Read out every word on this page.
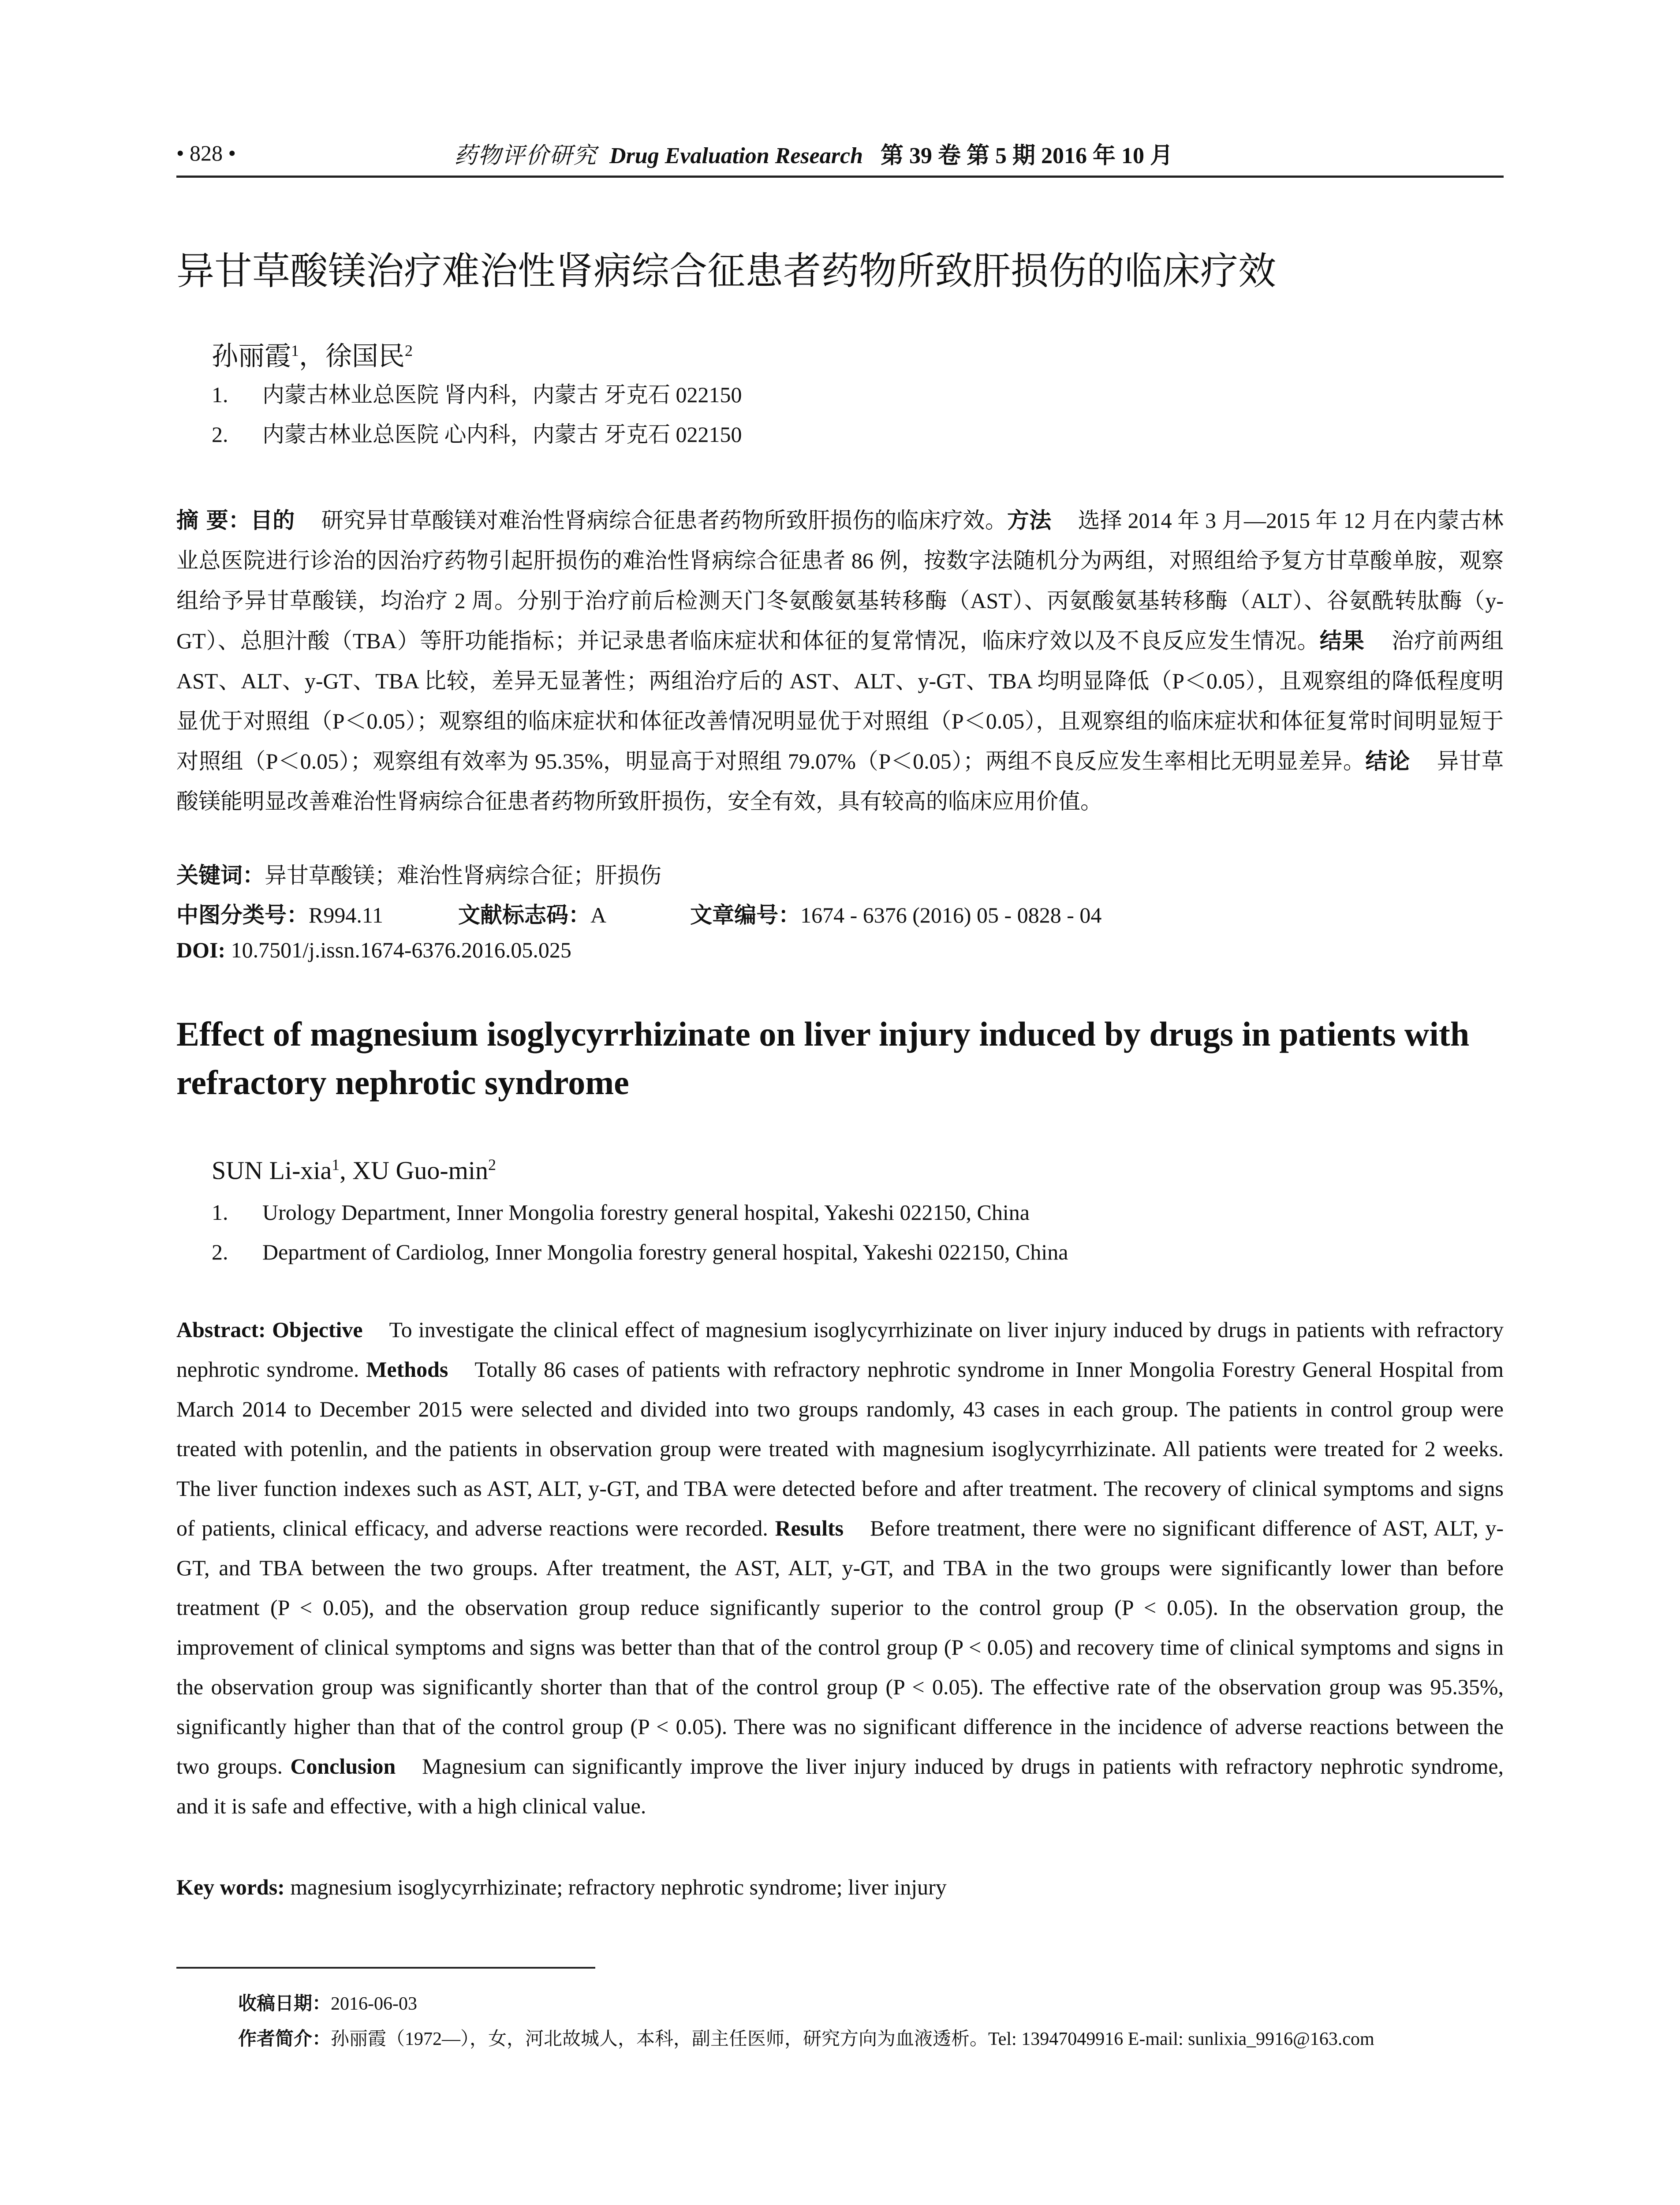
• 828 •	药物评价研究 Drug Evaluation Research 第 39 卷 第 5 期 2016 年 10 月
异甘草酸镁治疗难治性肾病综合征患者药物所致肝损伤的临床疗效
孙丽霞$^1$，徐国民$^2$
1. 内蒙古林业总医院 肾内科，内蒙古 牙克石 022150
2. 内蒙古林业总医院 心内科，内蒙古 牙克石 022150
摘 要：目的 研究异甘草酸镁对难治性肾病综合征患者药物所致肝损伤的临床疗效。方法 选择 2014 年 3 月—2015 年 12 月在内蒙古林业总医院进行诊治的因治疗药物引起肝损伤的难治性肾病综合征患者 86 例，按数字法随机分为两组，对照组给予复方甘草酸单胺，观察组给予异甘草酸镁，均治疗 2 周。分别于治疗前后检测天门冬氨酸氨基转移酶（AST）、丙氨酸氨基转移酶（ALT）、谷氨酰转肽酶（y-GT）、总胆汁酸（TBA）等肝功能指标；并记录患者临床症状和体征的复常情况，临床疗效以及不良反应发生情况。结果 治疗前两组 AST、ALT、y-GT、TBA 比较，差异无显著性；两组治疗后的 AST、ALT、y-GT、TBA 均明显降低（P＜0.05），且观察组的降低程度明显优于对照组（P＜0.05）；观察组的临床症状和体征改善情况明显优于对照组（P＜0.05），且观察组的临床症状和体征复常时间明显短于对照组（P＜0.05）；观察组有效率为 95.35%，明显高于对照组 79.07%（P＜0.05）；两组不良反应发生率相比无明显差异。结论 异甘草酸镁能明显改善难治性肾病综合征患者药物所致肝损伤，安全有效，具有较高的临床应用价值。
关键词：异甘草酸镁；难治性肾病综合征；肝损伤
中图分类号：R994.11	文献标志码：A	文章编号：1674 - 6376 (2016) 05 - 0828 - 04
DOI: 10.7501/j.issn.1674-6376.2016.05.025
Effect of magnesium isoglycyrrhizinate on liver injury induced by drugs in patients with refractory nephrotic syndrome
SUN Li-xia$^1$, XU Guo-$\min^2$
1. Urology Department, Inner Mongolia forestry general hospital, Yakeshi 022150, China
2. Department of Cardiolog, Inner Mongolia forestry general hospital, Yakeshi 022150, China
Abstract: Objective To investigate the clinical effect of magnesium isoglycyrrhizinate on liver injury induced by drugs in patients with refractory nephrotic syndrome. Methods Totally 86 cases of patients with refractory nephrotic syndrome in Inner Mongolia Forestry General Hospital from March 2014 to December 2015 were selected and divided into two groups randomly, 43 cases in each group. The patients in control group were treated with potenlin, and the patients in observation group were treated with magnesium isoglycyrrhizinate. All patients were treated for 2 weeks. The liver function indexes such as AST, ALT, y-GT, and TBA were detected before and after treatment. The recovery of clinical symptoms and signs of patients, clinical efficacy, and adverse reactions were recorded. Results Before treatment, there were no significant difference of AST, ALT, y-GT, and TBA between the two groups. After treatment, the AST, ALT, y-GT, and TBA in the two groups were significantly lower than before treatment (P < 0.05), and the observation group reduce significantly superior to the control group (P < 0.05). In the observation group, the improvement of clinical symptoms and signs was better than that of the control group (P < 0.05) and recovery time of clinical symptoms and signs in the observation group was significantly shorter than that of the control group (P < 0.05). The effective rate of the observation group was 95.35%, significantly higher than that of the control group (P < 0.05). There was no significant difference in the incidence of adverse reactions between the two groups. Conclusion Magnesium can significantly improve the liver injury induced by drugs in patients with refractory nephrotic syndrome, and it is safe and effective, with a high clinical value.
Key words: magnesium isoglycyrrhizinate; refractory nephrotic syndrome; liver injury
收稿日期：2016-06-03
作者简介：孙丽霞（1972—），女，河北故城人，本科，副主任医师，研究方向为血液透析。Tel: 13947049916 E-mail: sunlixia_9916@163.com
